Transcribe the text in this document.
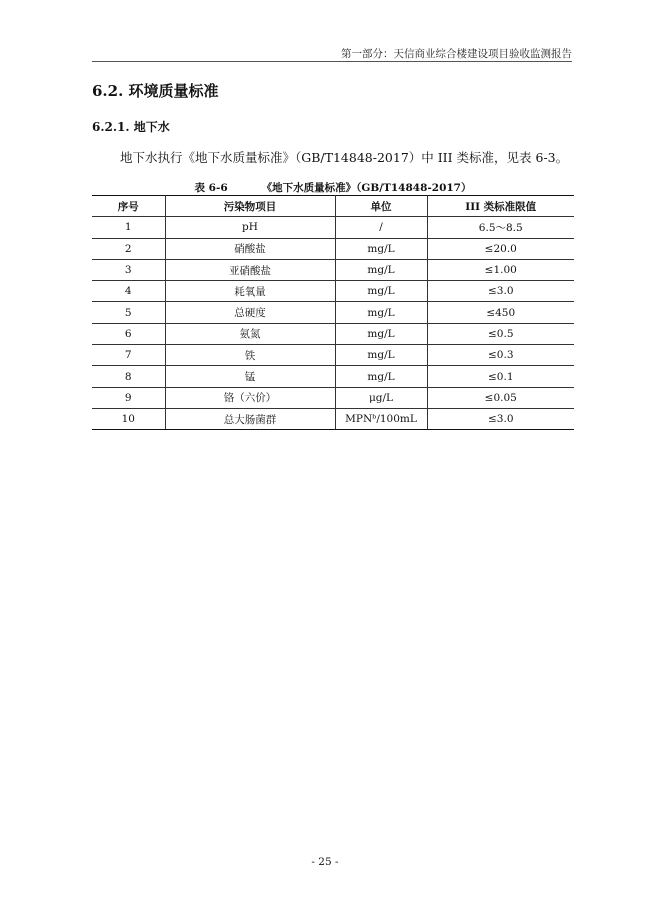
第一部分：天信商业综合楼建设项目验收监测报告
6.2. 环境质量标准
6.2.1. 地下水
地下水执行《地下水质量标准》（GB/T14848-2017）中 III 类标准，见表 6-3。
表 6-6	《地下水质量标准》（GB/T14848-2017）
序号	污染物项目	单位	III 类标准限值
1	pH	/	6.5～8.5
2	硝酸盐	mg/L	≤20.0
3	亚硝酸盐	mg/L	≤1.00
4	耗氧量	mg/L	≤3.0
5	总硬度	mg/L	≤450
6	氨氮	mg/L	≤0.5
7	铁	mg/L	≤0.3
8	锰	mg/L	≤0.1
9	铬（六价）	μg/L	≤0.05
10	总大肠菌群	MPNᵇ/100mL	≤3.0
- 25 -
